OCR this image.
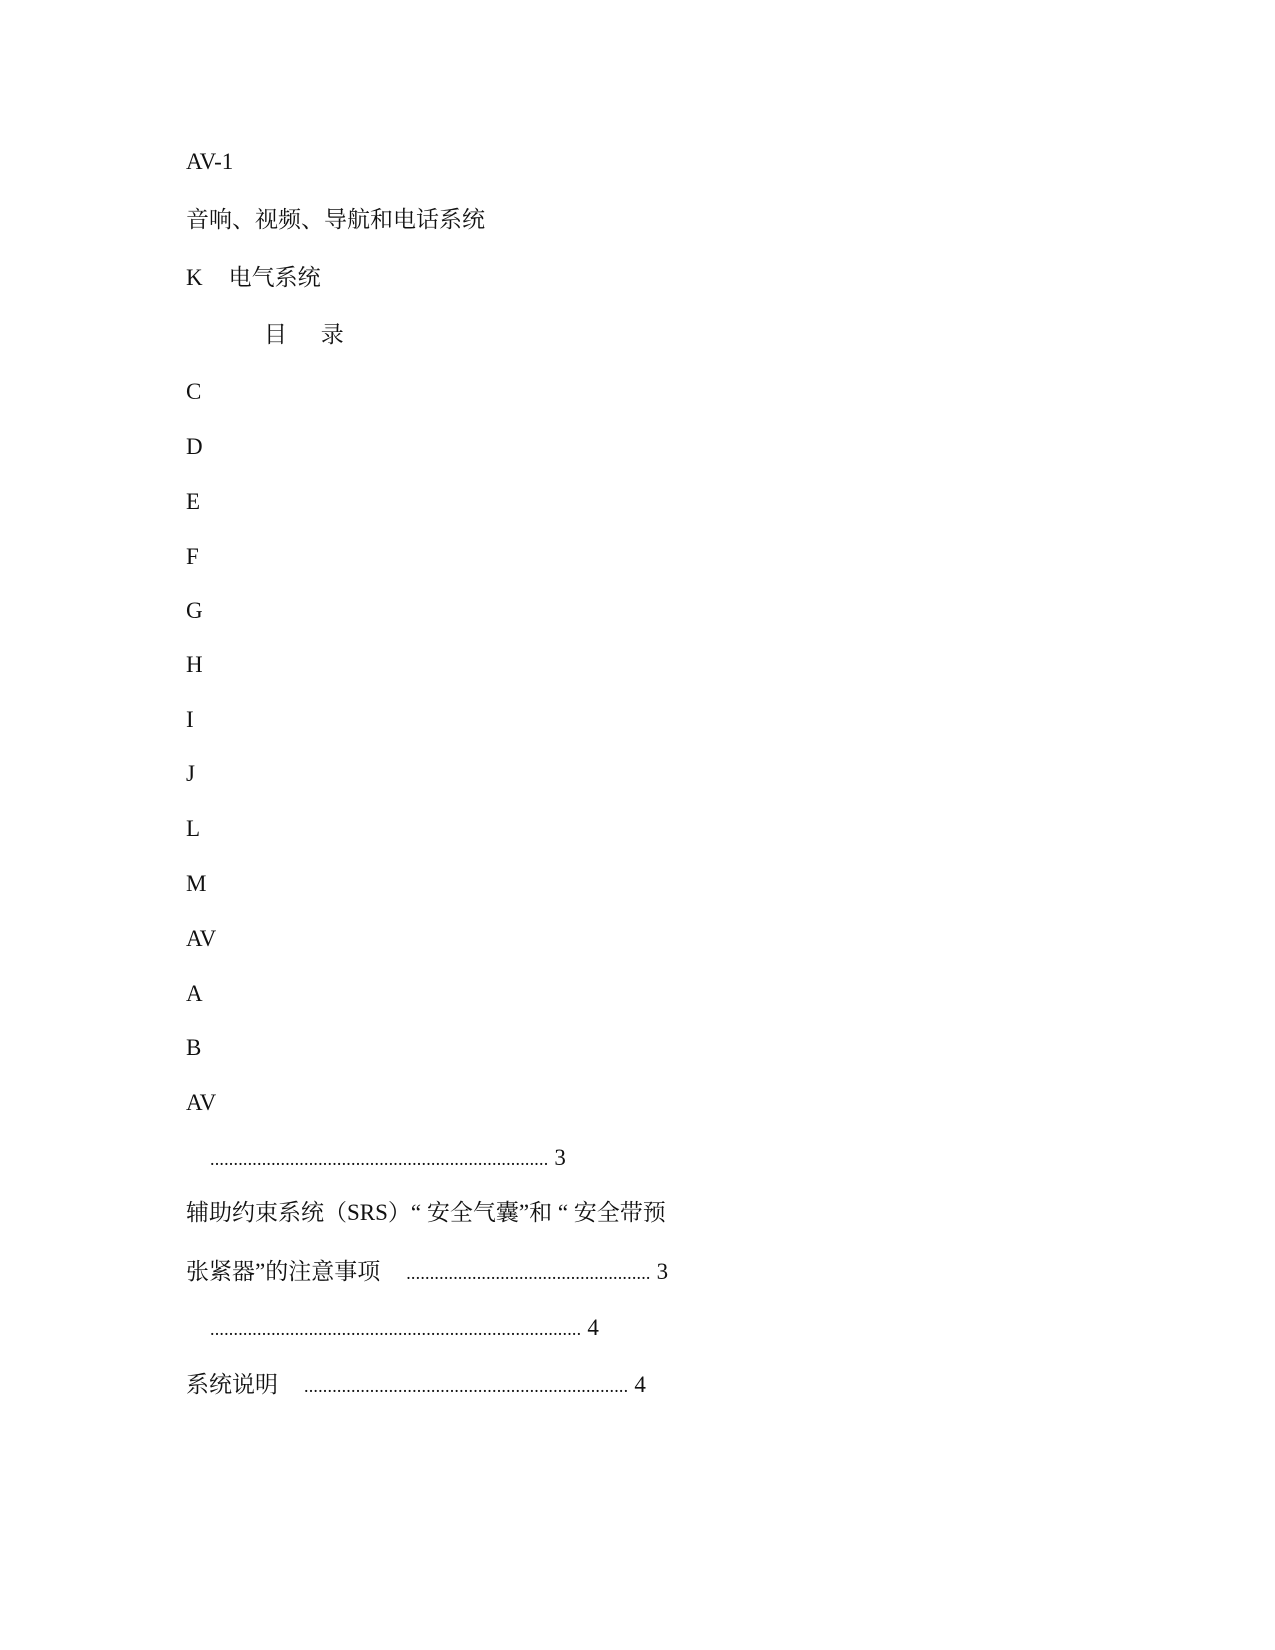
AV-1
音响、视频、导航和电话系统
K 电气系统
目 录
C
D
E
F
G
H
I
J
L
M
AV
A
B
AV
........................................................................ 3
辅助约束系统（SRS）“ 安全气囊”和 “ 安全带预
张紧器”的注意事项 .................................................... 3
............................................................................... 4
系统说明 ..................................................................... 4
